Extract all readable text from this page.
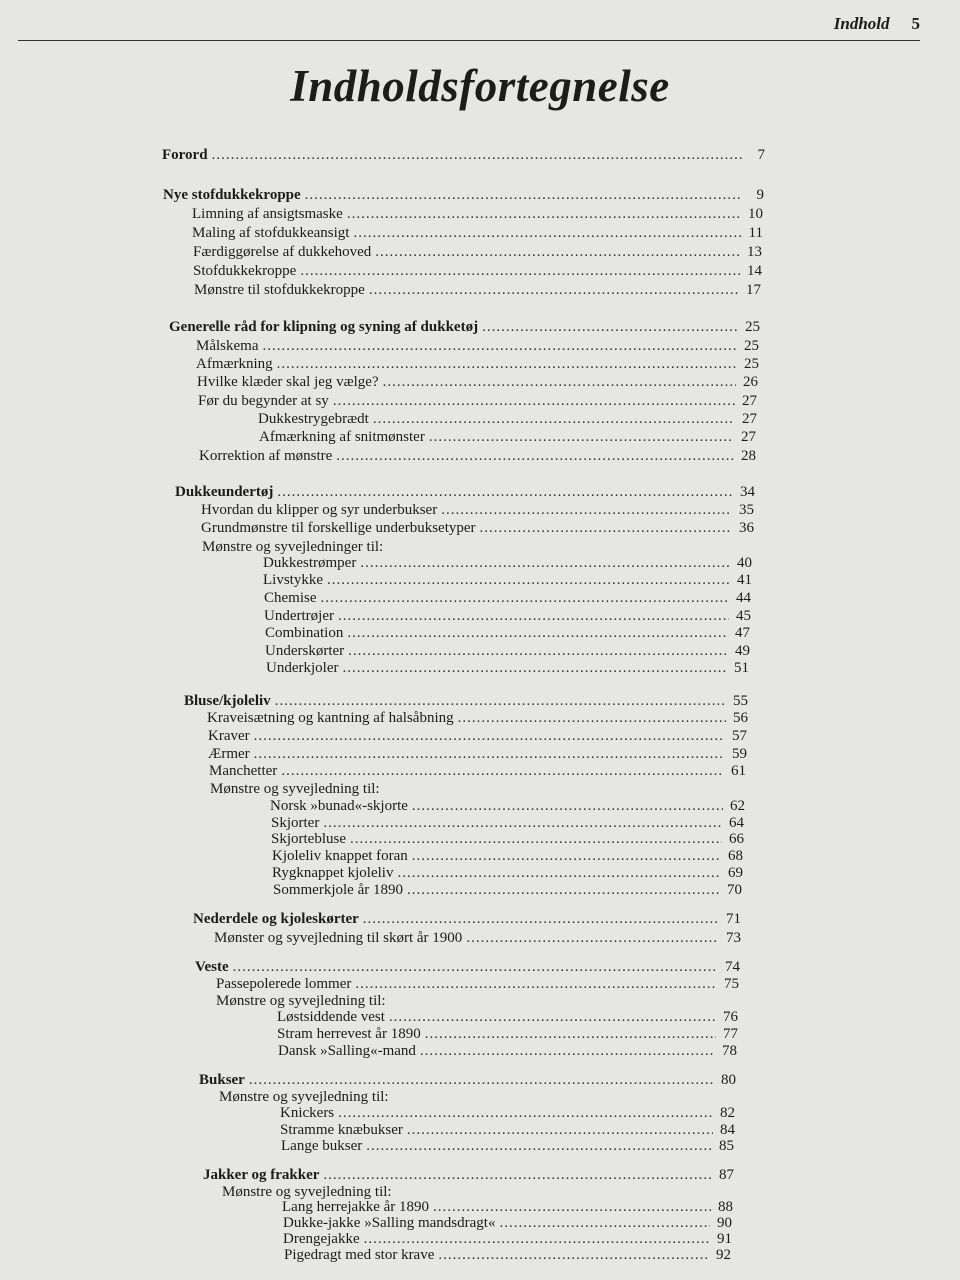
Indhold 5
Indholdsfortegnelse
Forord .....	7
Nye stofdukkekroppe .....	9
Limning af ansigtsmaske .....	10
Maling af stofdukkeansigt .....	11
Færdiggørelse af dukkehoved .....	13
Stofdukkekroppe .....	14
Mønstre til stofdukkekroppe .....	17
Generelle råd for klipning og syning af dukketøj .....	25
Målskema .....	25
Afmærkning .....	25
Hvilke klæder skal jeg vælge? .....	26
Før du begynder at sy .....	27
Dukkestrygebrædt .....	27
Afmærkning af snitmønster .....	27
Korrektion af mønstre .....	28
Dukkeundertøj .....	34
Hvordan du klipper og syr underbukser .....	35
Grundmønstre til forskellige underbuksetyper .....	36
Mønstre og syvejledninger til:
Dukkestrømper .....	40
Livstykke .....	41
Chemise .....	44
Undertrøjer .....	45
Combination .....	47
Underskørter .....	49
Underkjoler .....	51
Bluse/kjoleliv .....	55
Kraveisætning og kantning af halsåbning .....	56
Kraver .....	57
Ærmer .....	59
Manchetter .....	61
Mønstre og syvejledning til:
Norsk »bunad«-skjorte .....	62
Skjorter .....	64
Skjortebluse .....	66
Kjoleliv knappet foran .....	68
Rygknappet kjoleliv .....	69
Sommerkjole år 1890 .....	70
Nederdele og kjoleskørter .....	71
Mønster og syvejledning til skørt år 1900 .....	73
Veste .....	74
Passepolerede lommer .....	75
Mønstre og syvejledning til:
Løstsiddende vest .....	76
Stram herrevest år 1890 .....	77
Dansk »Salling«-mand .....	78
Bukser .....	80
Mønstre og syvejledning til:
Knickers .....	82
Stramme knæbukser .....	84
Lange bukser .....	85
Jakker og frakker .....	87
Mønstre og syvejledning til:
Lang herrejakke år 1890 .....	88
Dukke-jakke »Salling mandsdragt« .....	90
Drengejakke .....	91
Pigedragt med stor krave .....	92
